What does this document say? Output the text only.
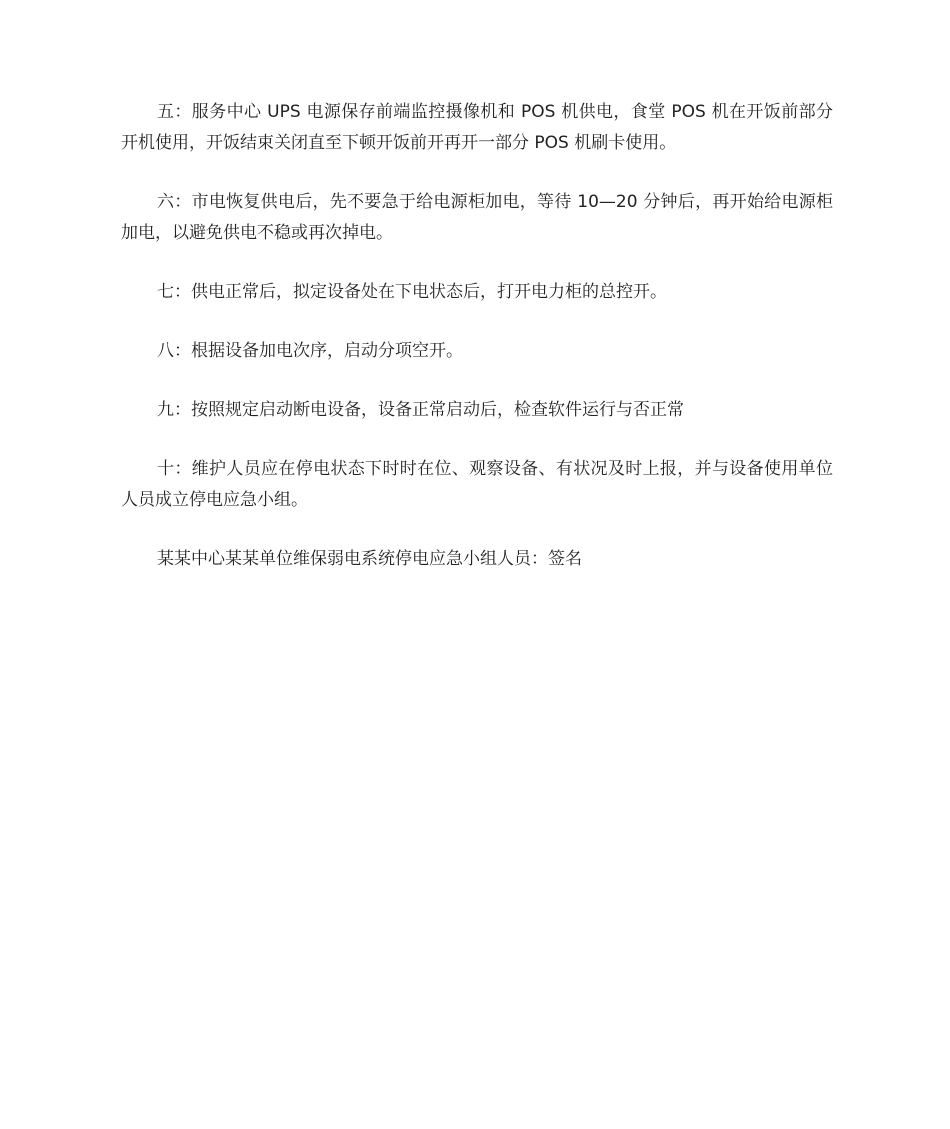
五：服务中心 UPS 电源保存前端监控摄像机和 POS 机供电，食堂 POS 机在开饭前部分开机使用，开饭结束关闭直至下顿开饭前开再开一部分 POS 机刷卡使用。

六：市电恢复供电后，先不要急于给电源柜加电，等待 10—20 分钟后，再开始给电源柜加电，以避免供电不稳或再次掉电。

七：供电正常后，拟定设备处在下电状态后，打开电力柜的总控开。

八：根据设备加电次序，启动分项空开。

九：按照规定启动断电设备，设备正常启动后，检查软件运行与否正常

十：维护人员应在停电状态下时时在位、观察设备、有状况及时上报，并与设备使用单位人员成立停电应急小组。

某某中心某某单位维保弱电系统停电应急小组人员：签名
